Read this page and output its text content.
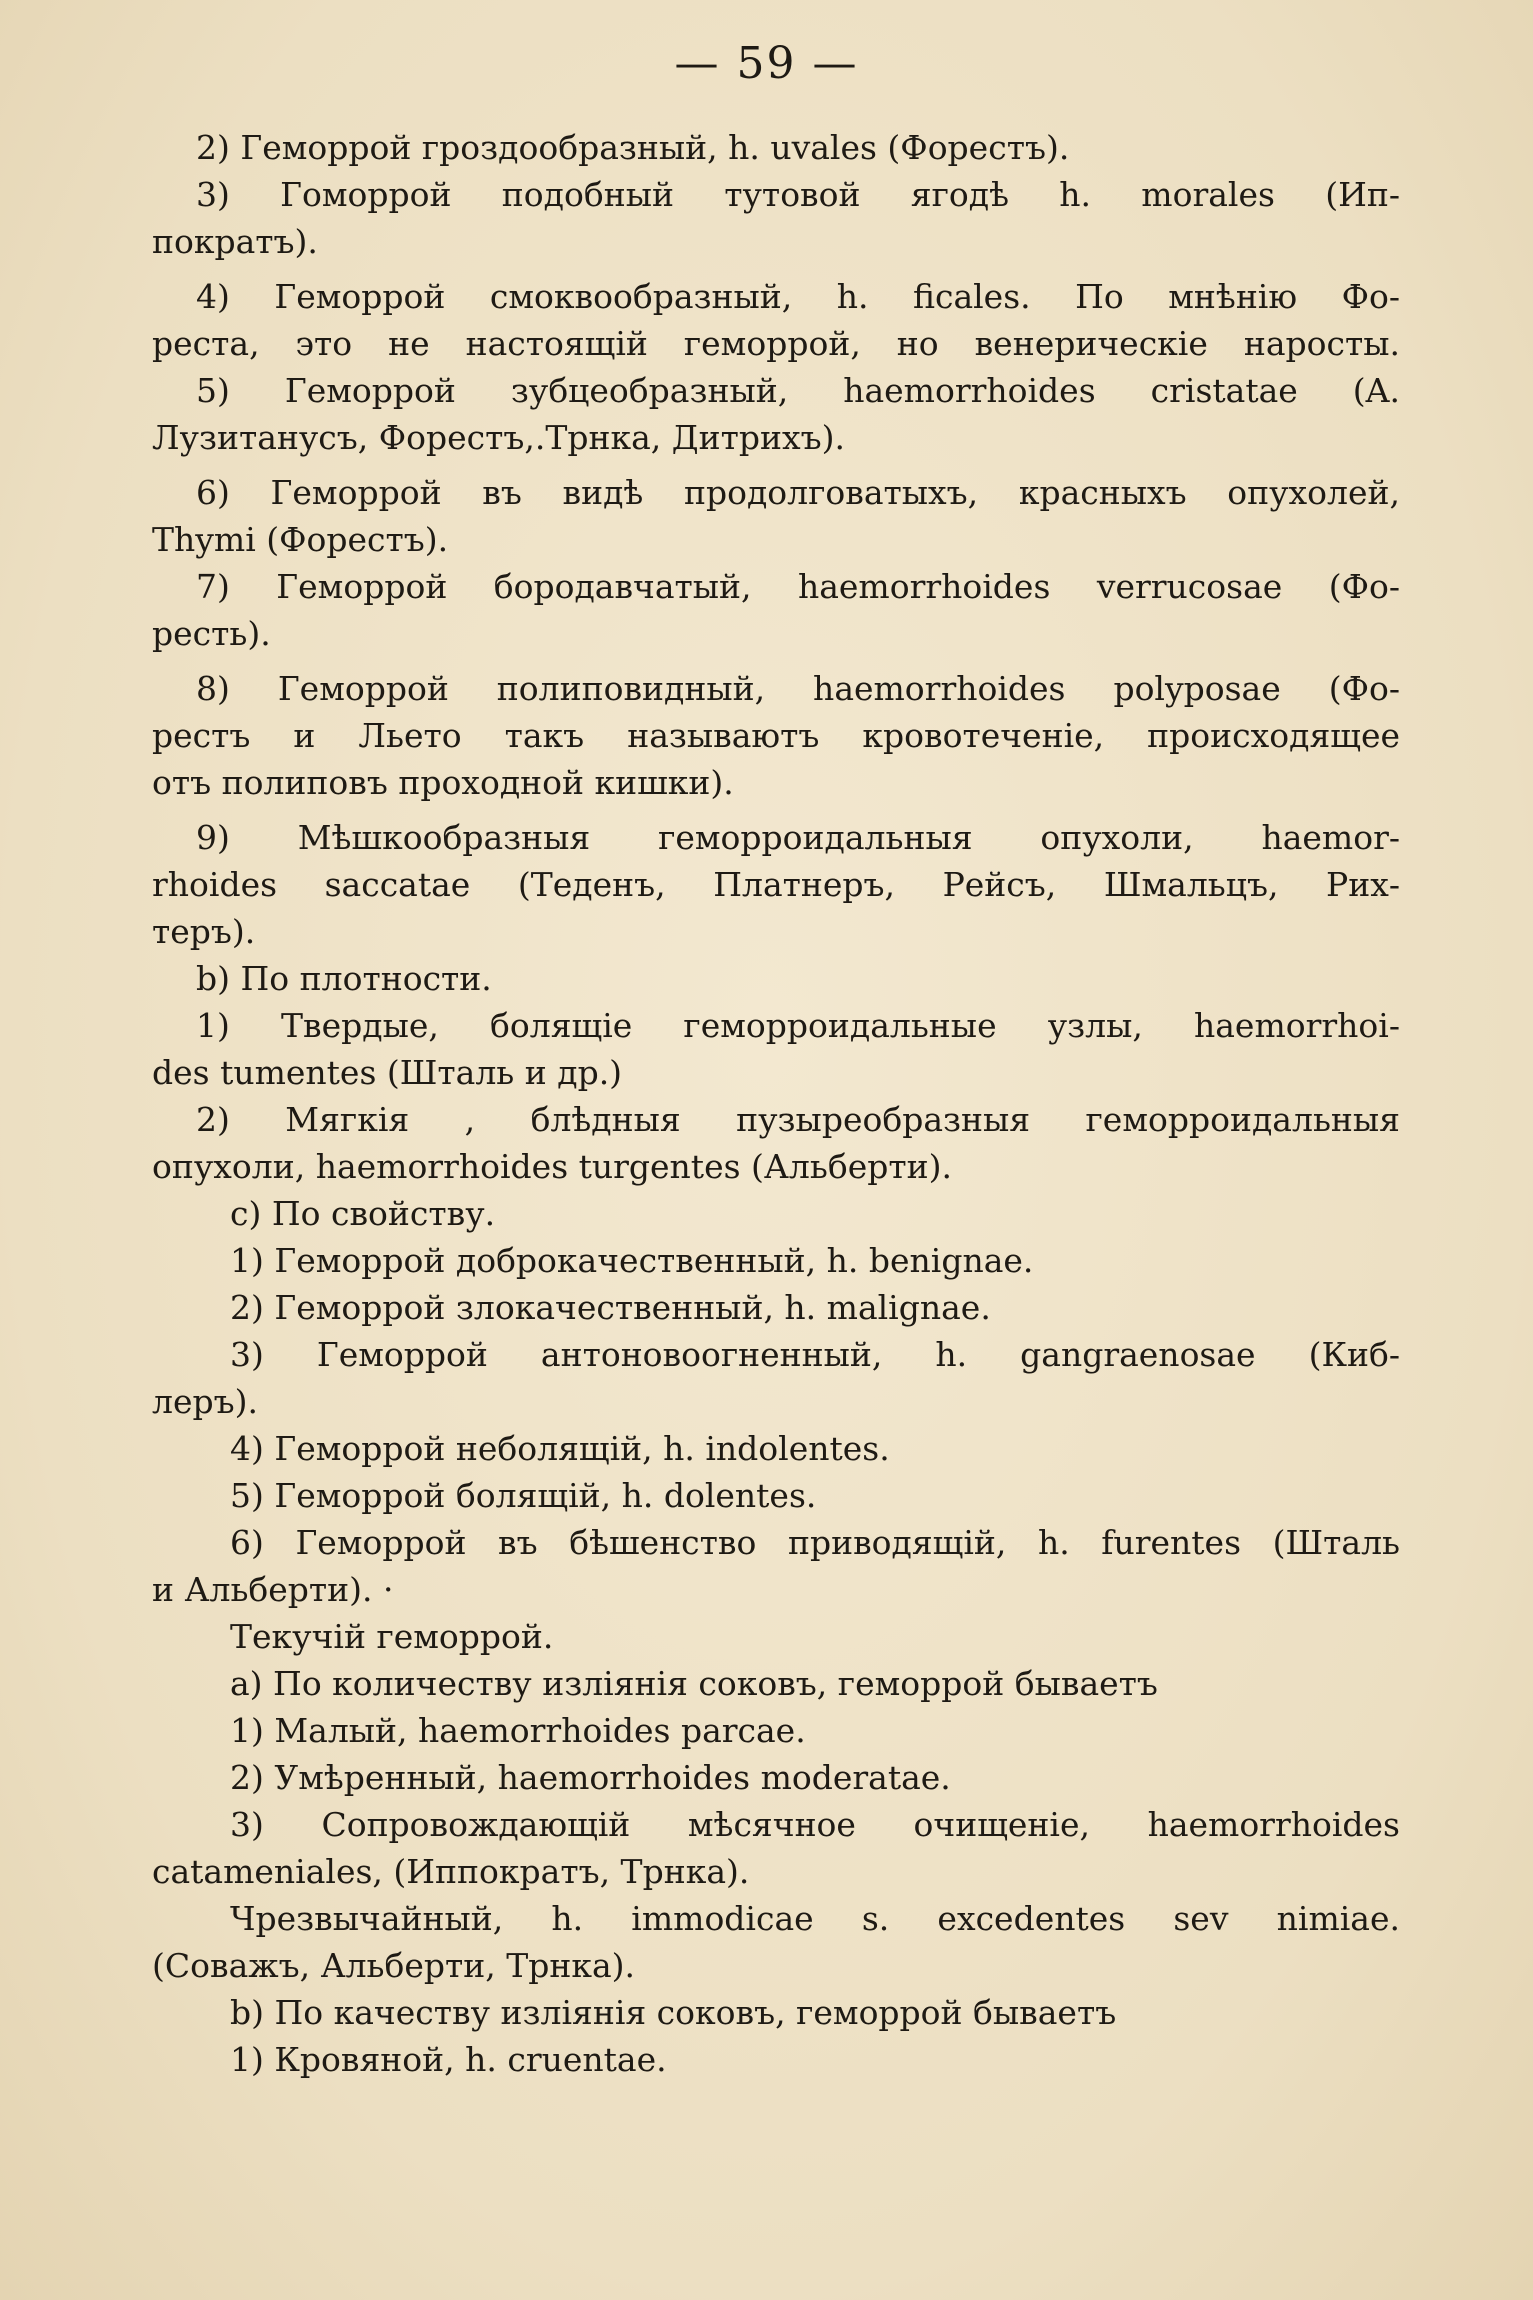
— 59 —
2) Геморрой гроздообразный, h. uvales (Форестъ).
3) Гоморрой подобный тутовой ягодѣ h. morales (Ип-
пократъ).
4) Геморрой смоквообразный, h. ficales. По мнѣнію Фо-
реста, это не настоящій геморрой, но венерическіе наросты.
5) Геморрой зубцеобразный, haemorrhoides cristatae (A.
Лузитанусъ, Форестъ,.Трнка, Дитрихъ).
6) Геморрой въ видѣ продолговатыхъ, красныхъ опухолей,
Thymi (Форестъ).
7) Геморрой бородавчатый, haemorrhoides verrucosae (Фо-
ресть).
8) Геморрой полиповидный, haemorrhoides polyposae (Фо-
рестъ и Льето такъ называютъ кровотеченіе, происходящее
отъ полиповъ проходной кишки).
9) Мѣшкообразныя геморроидальныя опухоли, haemor-
rhoides saccatae (Теденъ, Платнеръ, Рейсъ, Шмальцъ, Рих-
теръ).
b) По плотности.
1) Твердые, болящіе геморроидальные узлы, haemorrhoi-
des tumentes (Шталь и др.)
2) Мягкія , блѣдныя пузыреобразныя геморроидальныя
опухоли, haemorrhoides turgentes (Альберти).
c) По свойству.
1) Геморрой доброкачественный, h. benignae.
2) Геморрой злокачественный, h. malignae.
3) Геморрой антоновоогненный, h. gangraenosae (Киб-
леръ).
4) Геморрой неболящій, h. indolentes.
5) Геморрой болящій, h. dolentes.
6) Геморрой въ бѣшенство приводящій, h. furentes (Шталь
и Альберти). ·
Текучій геморрой.
a) По количеству изліянія соковъ, геморрой бываетъ
1) Малый, haemorrhoides parcae.
2) Умѣренный, haemorrhoides moderatae.
3) Сопровождающій мѣсячное очищеніе, haemorrhoides
catameniales, (Иппократъ, Трнка).
Чрезвычайный, h. immodicae s. excedentes sev nimiae.
(Соважъ, Альберти, Трнка).
b) По качеству изліянія соковъ, геморрой бываетъ
1) Кровяной, h. cruentae.
